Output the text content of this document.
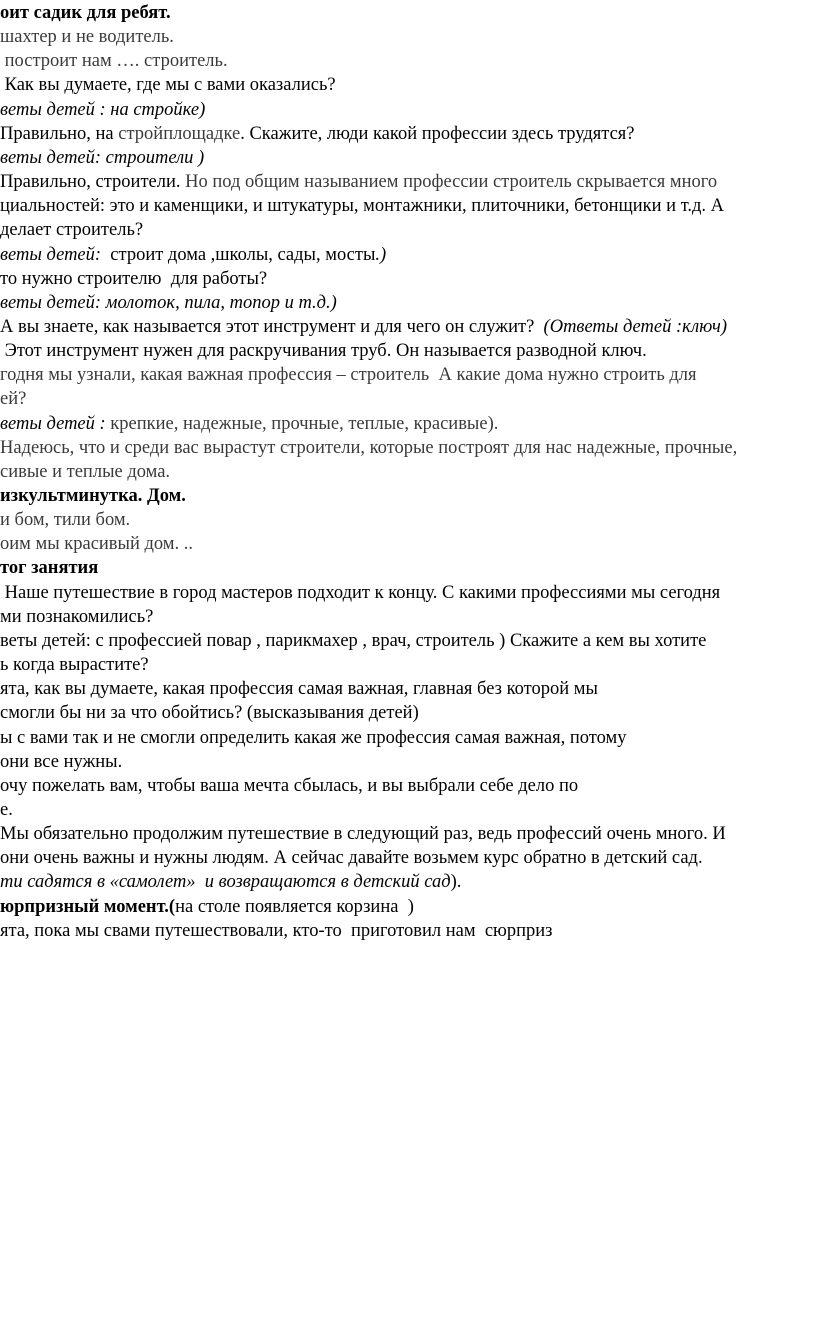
оит садик для ребят.
шахтер и не водитель.
построит нам …. строитель.
Как вы думаете, где мы с вами оказались?
веты детей : на стройке)
Правильно, на стройплощадке. Скажите, люди какой профессии здесь трудятся?
веты детей: строители )
Правильно, строители. Но под общим называнием профессии строитель скрывается много
циальностей: это и каменщики, и штукатуры, монтажники, плиточники, бетонщики и т.д. А
делает строитель?
веты детей:  строит дома ,школы, сады, мосты.)
то нужно строителю  для работы?
веты детей: молоток, пила, топор и т.д.)
А вы знаете, как называется этот инструмент и для чего он служит?  (Ответы детей :ключ)
Этот инструмент нужен для раскручивания труб. Он называется разводной ключ.
годня мы узнали, какая важная профессия – строитель  А какие дома нужно строить для
ей?
веты детей : крепкие, надежные, прочные, теплые, красивые).
Надеюсь, что и среди вас вырастут строители, которые построят для нас надежные, прочные,
сивые и теплые дома.
изкультминутка. Дом.
и бом, тили бом.
оим мы красивый дом. ..
тог занятия
Наше путешествие в город мастеров подходит к концу. С какими профессиями мы сегодня
ми познакомились?
веты детей: с профессией повар , парикмахер , врач, строитель ) Скажите а кем вы хотите
ь когда вырастите?
ята, как вы думаете, какая профессия самая важная, главная без которой мы
смогли бы ни за что обойтись? (высказывания детей)
ы с вами так и не смогли определить какая же профессия самая важная, потому
они все нужны.
очу пожелать вам, чтобы ваша мечта сбылась, и вы выбрали себе дело по
е.
Мы обязательно продолжим путешествие в следующий раз, ведь профессий очень много. И
они очень важны и нужны людям. А сейчас давайте возьмем курс обратно в детский сад.
ти садятся в «самолет»  и возвращаются в детский сад).
юрпризный момент.(на столе появляется корзина  )
ята, пока мы свами путешествовали, кто-то  приготовил нам  сюрприз
